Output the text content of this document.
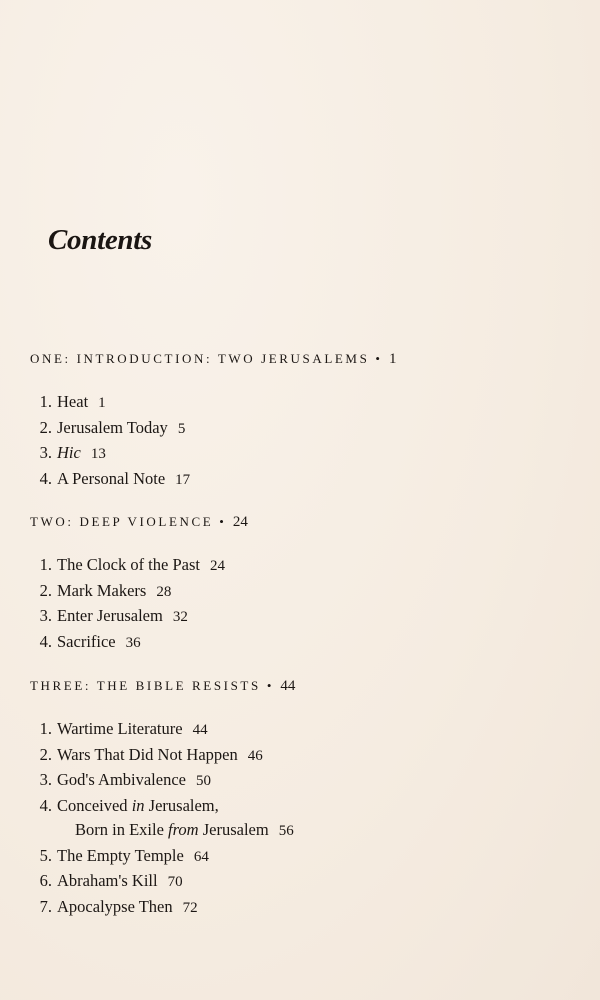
Contents
ONE: INTRODUCTION: TWO JERUSALEMS • 1
1. Heat 1
2. Jerusalem Today 5
3. Hic 13
4. A Personal Note 17
TWO: DEEP VIOLENCE • 24
1. The Clock of the Past 24
2. Mark Makers 28
3. Enter Jerusalem 32
4. Sacrifice 36
THREE: THE BIBLE RESISTS • 44
1. Wartime Literature 44
2. Wars That Did Not Happen 46
3. God's Ambivalence 50
4. Conceived in Jerusalem,
Born in Exile from Jerusalem 56
5. The Empty Temple 64
6. Abraham's Kill 70
7. Apocalypse Then 72
